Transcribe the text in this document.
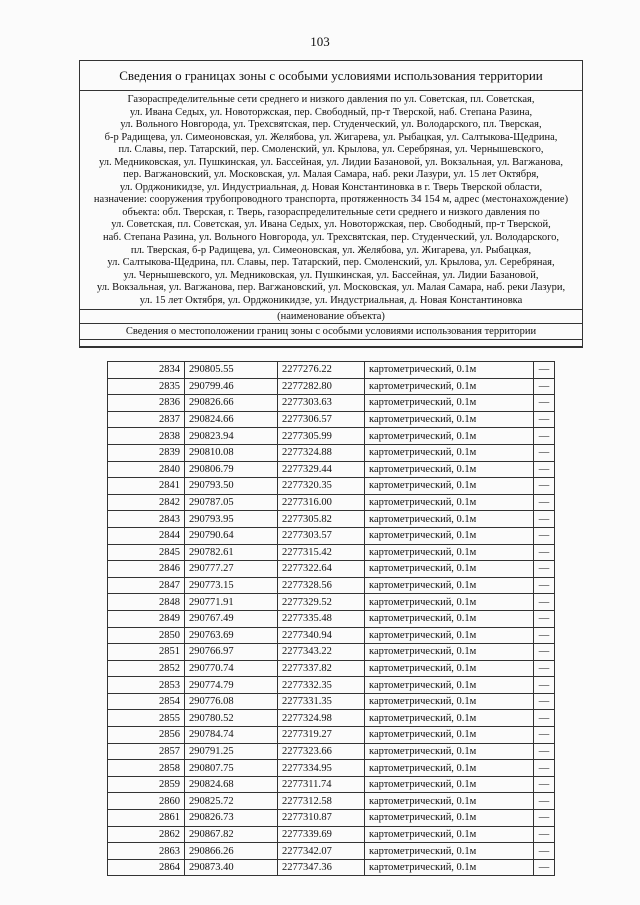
103
Сведения о границах зоны с особыми условиями использования территории
Газораспределительные сети среднего и низкого давления по ул. Советская, пл. Советская,
ул. Ивана Седых, ул. Новоторжская, пер. Свободный, пр-т Тверской, наб. Степана Разина,
ул. Вольного Новгорода, ул. Трехсвятская, пер. Студенческий, ул. Володарского, пл. Тверская,
б-р Радищева, ул. Симеоновская, ул. Желябова, ул. Жигарева, ул. Рыбацкая, ул. Салтыкова-Щедрина,
пл. Славы, пер. Татарский, пер. Смоленский, ул. Крылова, ул. Серебряная, ул. Чернышевского,
ул. Медниковская, ул. Пушкинская, ул. Бассейная, ул. Лидии Базановой, ул. Вокзальная, ул. Вагжанова,
пер. Вагжановский, ул. Московская, ул. Малая Самара, наб. реки Лазури, ул. 15 лет Октября,
ул. Орджоникидзе, ул. Индустриальная, д. Новая Константиновка в г. Тверь Тверской области,
назначение: сооружения трубопроводного транспорта, протяженность 34 154 м, адрес (местонахождение)
объекта: обл. Тверская, г. Тверь, газораспределительные сети среднего и низкого давления по
ул. Советская, пл. Советская, ул. Ивана Седых, ул. Новоторжская, пер. Свободный, пр-т Тверской,
наб. Степана Разина, ул. Вольного Новгорода, ул. Трехсвятская, пер. Студенческий, ул. Володарского,
пл. Тверская, б-р Радищева, ул. Симеоновская, ул. Желябова, ул. Жигарева, ул. Рыбацкая,
ул. Салтыкова-Щедрина, пл. Славы, пер. Татарский, пер. Смоленский, ул. Крылова, ул. Серебряная,
ул. Чернышевского, ул. Медниковская, ул. Пушкинская, ул. Бассейная, ул. Лидии Базановой,
ул. Вокзальная, ул. Вагжанова, пер. Вагжановский, ул. Московская, ул. Малая Самара, наб. реки Лазури,
ул. 15 лет Октября, ул. Орджоникидзе, ул. Индустриальная, д. Новая Константиновка
(наименование объекта)
Сведения о местоположении границ зоны с особыми условиями использования территории
2834	290805.55	2277276.22	картометрический, 0.1м	—
2835	290799.46	2277282.80	картометрический, 0.1м	—
2836	290826.66	2277303.63	картометрический, 0.1м	—
2837	290824.66	2277306.57	картометрический, 0.1м	—
2838	290823.94	2277305.99	картометрический, 0.1м	—
2839	290810.08	2277324.88	картометрический, 0.1м	—
2840	290806.79	2277329.44	картометрический, 0.1м	—
2841	290793.50	2277320.35	картометрический, 0.1м	—
2842	290787.05	2277316.00	картометрический, 0.1м	—
2843	290793.95	2277305.82	картометрический, 0.1м	—
2844	290790.64	2277303.57	картометрический, 0.1м	—
2845	290782.61	2277315.42	картометрический, 0.1м	—
2846	290777.27	2277322.64	картометрический, 0.1м	—
2847	290773.15	2277328.56	картометрический, 0.1м	—
2848	290771.91	2277329.52	картометрический, 0.1м	—
2849	290767.49	2277335.48	картометрический, 0.1м	—
2850	290763.69	2277340.94	картометрический, 0.1м	—
2851	290766.97	2277343.22	картометрический, 0.1м	—
2852	290770.74	2277337.82	картометрический, 0.1м	—
2853	290774.79	2277332.35	картометрический, 0.1м	—
2854	290776.08	2277331.35	картометрический, 0.1м	—
2855	290780.52	2277324.98	картометрический, 0.1м	—
2856	290784.74	2277319.27	картометрический, 0.1м	—
2857	290791.25	2277323.66	картометрический, 0.1м	—
2858	290807.75	2277334.95	картометрический, 0.1м	—
2859	290824.68	2277311.74	картометрический, 0.1м	—
2860	290825.72	2277312.58	картометрический, 0.1м	—
2861	290826.73	2277310.87	картометрический, 0.1м	—
2862	290867.82	2277339.69	картометрический, 0.1м	—
2863	290866.26	2277342.07	картометрический, 0.1м	—
2864	290873.40	2277347.36	картометрический, 0.1м	—
